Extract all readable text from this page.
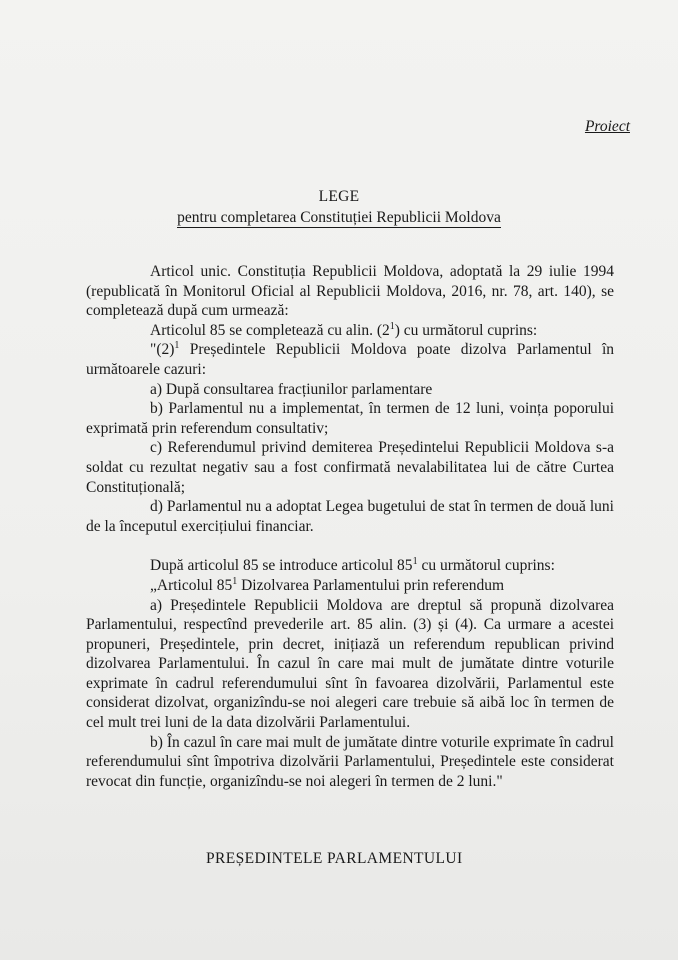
Proiect
LEGE
pentru completarea Constituției Republicii Moldova

Articol unic. Constituția Republicii Moldova, adoptată la 29 iulie 1994 (republicată în Monitorul Oficial al Republicii Moldova, 2016, nr. 78, art. 140), se completează după cum urmează:

Articolul 85 se completează cu alin. $(2^1)$ cu următorul cuprins:

"$(2)^1$ Președintele Republicii Moldova poate dizolva Parlamentul în următoarele cazuri:

a) După consultarea fracțiunilor parlamentare

b) Parlamentul nu a implementat, în termen de 12 luni, voința poporului exprimată prin referendum consultativ;

c) Referendumul privind demiterea Președintelui Republicii Moldova s-a soldat cu rezultat negativ sau a fost confirmată nevalabilitatea lui de către Curtea Constituțională;

d) Parlamentul nu a adoptat Legea bugetului de stat în termen de două luni de la începutul exercițiului financiar.

După articolul 85 se introduce articolul $85^1$ cu următorul cuprins:

„Articolul $85^1$ Dizolvarea Parlamentului prin referendum

a) Președintele Republicii Moldova are dreptul să propună dizolvarea Parlamentului, respectînd prevederile art. 85 alin. (3) și (4). Ca urmare a acestei propuneri, Președintele, prin decret, inițiază un referendum republican privind dizolvarea Parlamentului. În cazul în care mai mult de jumătate dintre voturile exprimate în cadrul referendumului sînt în favoarea dizolvării, Parlamentul este considerat dizolvat, organizîndu-se noi alegeri care trebuie să aibă loc în termen de cel mult trei luni de la data dizolvării Parlamentului.

b) În cazul în care mai mult de jumătate dintre voturile exprimate în cadrul referendumului sînt împotriva dizolvării Parlamentului, Președintele este considerat revocat din funcție, organizîndu-se noi alegeri în termen de 2 luni."

PREȘEDINTELE PARLAMENTULUI
